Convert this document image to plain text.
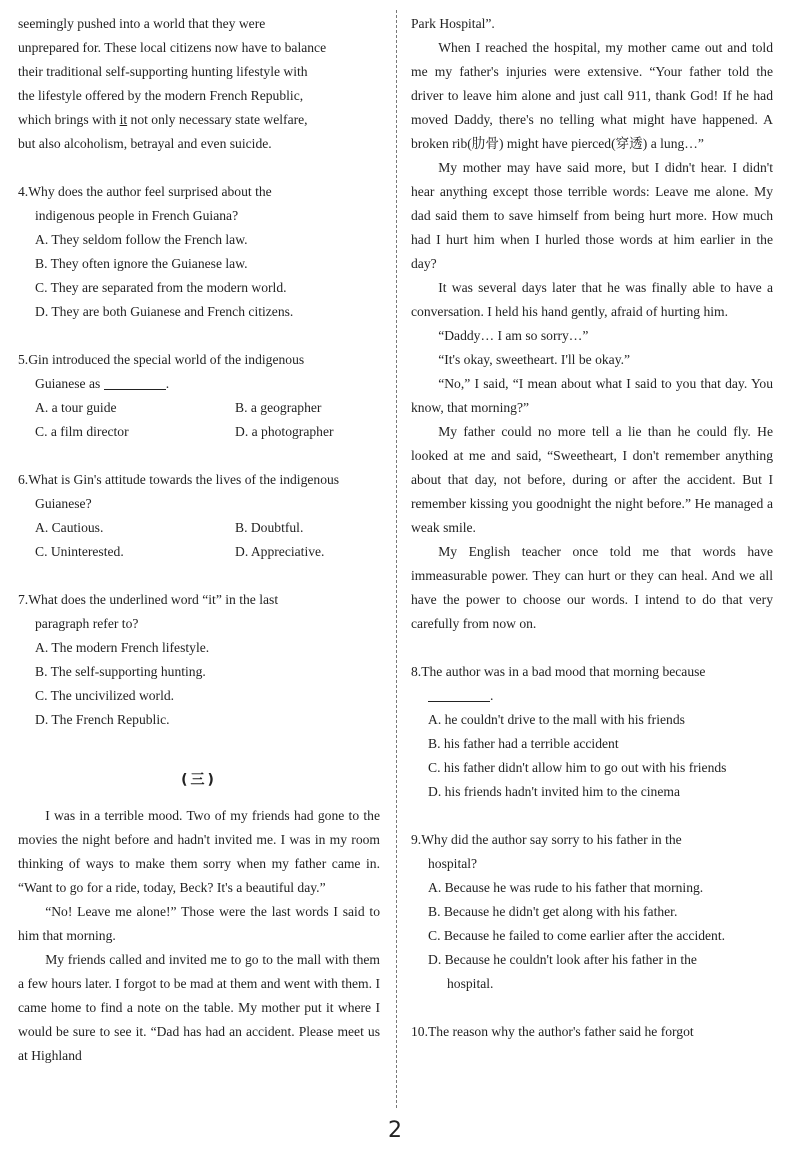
seemingly pushed into a world that they were

unprepared for. These local citizens now have to balance

their traditional self-supporting hunting lifestyle with

the lifestyle offered by the modern French Republic,

which brings with it not only necessary state welfare,

but also alcoholism, betrayal and even suicide.

4. Why does the author feel surprised about the
indigenous people in French Guiana?
A. They seldom follow the French law.
B. They often ignore the Guianese law.
C. They are separated from the modern world.
D. They are both Guianese and French citizens.
5. Gin introduced the special world of the indigenous
Guianese as	.
A. a tour guide	B. a geographer
C. a film director	D. a photographer
6. What is Gin's attitude towards the lives of the indigenous
Guianese?
A. Cautious.	B. Doubtful.
C. Uninterested.	D. Appreciative.
7. What does the underlined word “it” in the last
paragraph refer to?
A. The modern French lifestyle.
B. The self-supporting hunting.
C. The uncivilized world.
D. The French Republic.
(三)

I was in a terrible mood. Two of my friends had gone to the movies the night before and hadn't invited me. I was in my room thinking of ways to make them sorry when my father came in. “Want to go for a ride, today, Beck? It's a beautiful day.”

“No! Leave me alone!” Those were the last words I said to him that morning.

My friends called and invited me to go to the mall with them a few hours later. I forgot to be mad at them and went with them. I came home to find a note on the table. My mother put it where I would be sure to see it. “Dad has had an accident. Please meet us at Highland

Park Hospital”.

When I reached the hospital, my mother came out and told me my father's injuries were extensive. “Your father told the driver to leave him alone and just call 911, thank God! If he had moved Daddy, there's no telling what might have happened. A broken rib(肋骨) might have pierced(穿透) a lung…”

My mother may have said more, but I didn't hear. I didn't hear anything except those terrible words: Leave me alone. My dad said them to save himself from being hurt more. How much had I hurt him when I hurled those words at him earlier in the day?

It was several days later that he was finally able to have a conversation. I held his hand gently, afraid of hurting him.

“Daddy… I am so sorry…”

“It's okay, sweetheart. I'll be okay.”

“No,” I said, “I mean about what I said to you that day. You know, that morning?”

My father could no more tell a lie than he could fly. He looked at me and said, “Sweetheart, I don't remember anything about that day, not before, during or after the accident. But I remember kissing you goodnight the night before.” He managed a weak smile.

My English teacher once told me that words have immeasurable power. They can hurt or they can heal. And we all have the power to choose our words. I intend to do that very carefully from now on.

8. The author was in a bad mood that morning because
.
A. he couldn't drive to the mall with his friends
B. his father had a terrible accident
C. his father didn't allow him to go out with his friends
D. his friends hadn't invited him to the cinema
9. Why did the author say sorry to his father in the
hospital?
A. Because he was rude to his father that morning.
B. Because he didn't get along with his father.
C. Because he failed to come earlier after the accident.
D. Because he couldn't look after his father in the
hospital.
10. The reason why the author's father said he forgot
2
